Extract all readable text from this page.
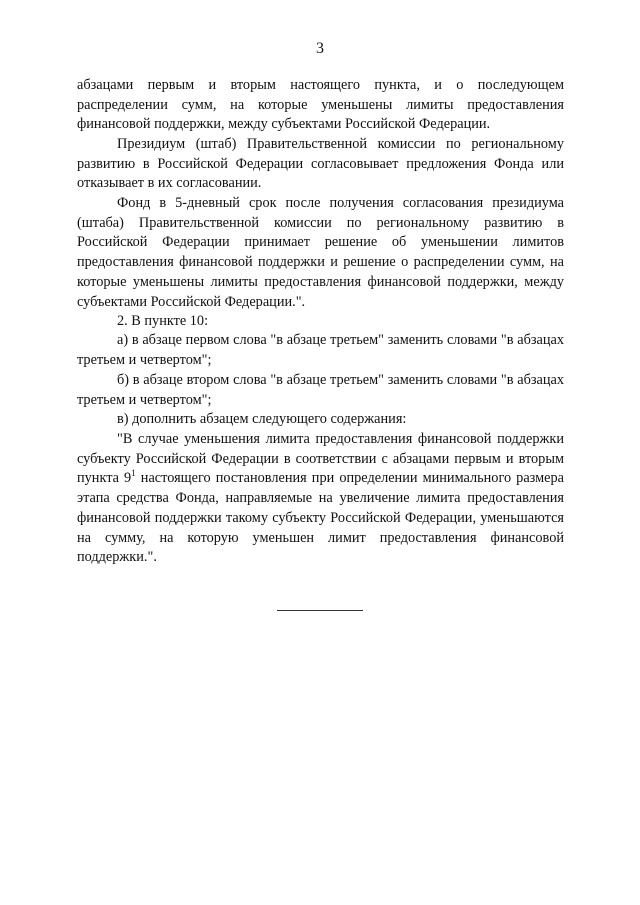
3

абзацами первым и вторым настоящего пункта, и о последующем распределении сумм, на которые уменьшены лимиты предоставления финансовой поддержки, между субъектами Российской Федерации.

Президиум (штаб) Правительственной комиссии по региональному развитию в Российской Федерации согласовывает предложения Фонда или отказывает в их согласовании.

Фонд в 5-дневный срок после получения согласования президиума (штаба) Правительственной комиссии по региональному развитию в Российской Федерации принимает решение об уменьшении лимитов предоставления финансовой поддержки и решение о распределении сумм, на которые уменьшены лимиты предоставления финансовой поддержки, между субъектами Российской Федерации.".

2. В пункте 10:

а) в абзаце первом слова "в абзаце третьем" заменить словами "в абзацах третьем и четвертом";

б) в абзаце втором слова "в абзаце третьем" заменить словами "в абзацах третьем и четвертом";

в) дополнить абзацем следующего содержания:

"В случае уменьшения лимита предоставления финансовой поддержки субъекту Российской Федерации в соответствии с абзацами первым и вторым пункта $9^1$ настоящего постановления при определении минимального размера этапа средства Фонда, направляемые на увеличение лимита предоставления финансовой поддержки такому субъекту Российской Федерации, уменьшаются на сумму, на которую уменьшен лимит предоставления финансовой поддержки.".
